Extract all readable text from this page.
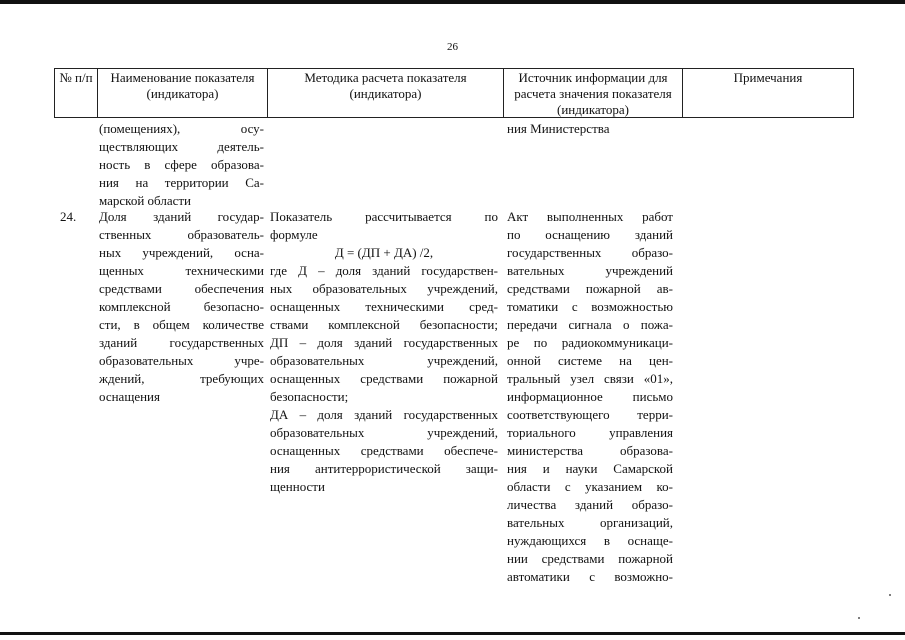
26
№ п/п	Наименование показателя (индикатора)
Методика расчета показателя (индикатора)
Источник информации для расчета значения показателя (индикатора)
Примечания
(помещениях), осу-
ществляющих деятель-
ность в сфере образова-
ния на территории Са-
марской области
ния Министерства
24.	Доля зданий государ-
ственных образователь-
ных учреждений, осна-
щенных техническими
средствами обеспечения
комплексной безопасно-
сти, в общем количестве
зданий государственных
образовательных учре-
ждений, требующих
оснащения
Показатель рассчитывается по
формуле
Д = (ДП + ДА) /2,
где Д – доля зданий государствен-
ных образовательных учреждений,
оснащенных техническими сред-
ствами комплексной безопасности;
ДП – доля зданий государственных
образовательных учреждений,
оснащенных средствами пожарной
безопасности;
ДА – доля зданий государственных
образовательных учреждений,
оснащенных средствами обеспече-
ния антитеррористической защи-
щенности
Акт выполненных работ
по оснащению зданий
государственных образо-
вательных учреждений
средствами пожарной ав-
томатики с возможностью
передачи сигнала о пожа-
ре по радиокоммуникаци-
онной системе на цен-
тральный узел связи «01»,
информационное письмо
соответствующего терри-
ториального управления
министерства образова-
ния и науки Самарской
области с указанием ко-
личества зданий образо-
вательных организаций,
нуждающихся в оснаще-
нии средствами пожарной
автоматики с возможно-
